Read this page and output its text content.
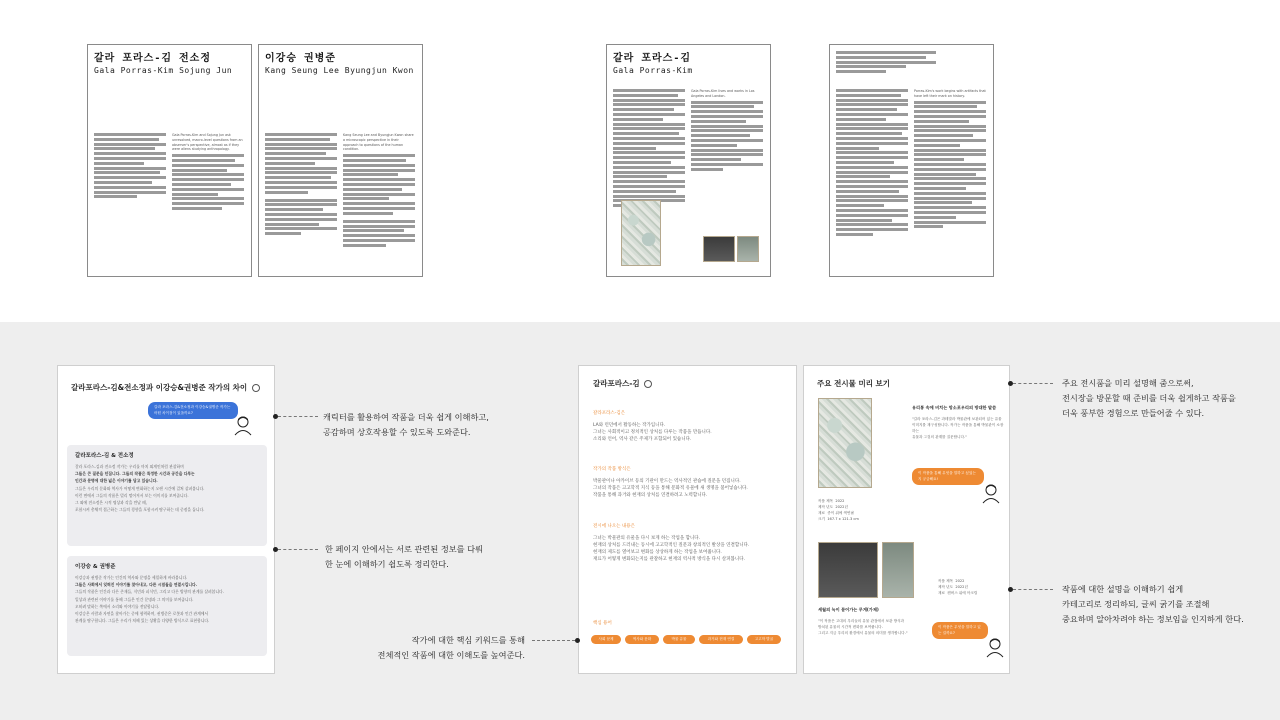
갈라 포라스-김 전소정
Gala Porras-Kim Sojung Jun
Gala Porras-Kim and Sojung Jun ask unresolved, macro-level questions from an observer's perspective, almost as if they were aliens studying anthropology.
이강승 권병준
Kang Seung Lee Byungjun Kwon
Kang Seung Lee and Byungjun Kwon share a microscopic perspective in their approach to questions of the human condition.
갈라 포라스-김
Gala Porras-Kim
Gala Porras-Kim lives and works in Los Angeles and London.
Porras-Kim's work begins with artifacts that have left their mark on history.
갈라포라스-김&전소정과 이강승&권병준 작가의 차이
갈라 포라스-김&전소정과 이강승&권병준 작가는 어떤 차이점이 있을까요?
갈라포라스-김 & 전소정

갈라 포라스-김과 전소정 작가는 우리를 마치 외계인처럼 관찰하며

그들은 큰 질문을 던집니다. 그들의 작품은 특정한 시간과 공간을 다루는

인간과 문명에 대한 넓은 이야기를 담고 있습니다.

그들은 우리의 문화와 역사가 어떻게 변화하는지 오랜 시간에 걸쳐 살펴봅니다.

이런 면에서 그들의 작품은 멀리 떨어져서 보는 이미지를 보여줍니다.

그 외에 전소정은 시적 명상과 각을 만날 때,

포함시켜 총체적 접근하는 그들의 경향을 포함시켜 탐구하는 데 중점을 둡니다.

이강승 & 권병준

이강승과 권병준 작가는 인간의 역사와 문명을 세밀하게 바라봅니다.

그들은 사회에서 잊혀진 이야기를 찾아내고, 다른 시점들을 연결시킵니다.

그들의 작품은 인간과 다른 존재들, 식민과 피식민, 그리고 다른 방향의 관계를 살펴봅니다.

일상과 관련된 이야기를 통해 그들은 인간 문명과 그 의미를 보여줍니다.

오히려 말하는 쪽에서 소리와 이야기를 전달합니다.

이강승은 사람과 자연을 찾아가는 중에 협력하며, 권병준은 로봇과 인간 관계에서

관계를 탐구합니다. 그들은 우리가 처해 있는 상황을 다양한 방식으로 표현합니다.

갈라포라스-김
갈라포라스-김은
LA와 런던에서 활동하는 작가입니다.
그녀는 사회적이고 정치적인 상처를 다루는 작품을 만듭니다.
소리와 언어, 역사 같은 주제가 포함되어 있습니다.
작가의 작품 방식은
박물관이나 아카이브 등의 기관이 만드는 역사적인 관습에 질문을 던집니다.
그녀의 작품은 고고학적 지식 등을 통해 문화적 유물에 새 생명을 불어넣습니다.
작품을 통해 과거와 현재의 상처를 연결하려고 노력합니다.
전시에 나오는 내용은
그녀는 박물관의 유물을 다시 보게 하는 작업을 합니다.
현재의 상처를 드러내는 동시에 고고학적인 질문과 창의적인 발상을 연결합니다.
현재의 제도를 열어보고 변화를 상상하게 하는 작업을 보여줍니다.
재료가 어떻게 변화되는지를 관찰하고 현재의 역사적 방식을 다시 살펴봅니다.
핵심 용어
사회 문제	역사와 문화	박물 유물	과거와 현재 연결	고고학 발굴
주요 전시물 미리 보기
유리통 속에 비치는 망소포우리의 방대한 말씀
"갈라 포라스-김은 과테말라 박물관에 보관되어 있는 유물
이미지를 재구성합니다. 작가는 작품을 통해 박물관이 소장하는
유물과 그것의 관계를 질문합니다."
이 작품을 통해 무엇을 말하고 싶었는지 궁금해요!
작품 제목 2022
제작 년도 2022년
재료 종이 위에 색연필
크기 167.7 x 121.3 cm
작품 제목 2022
제작 년도 2022년
재료 캔버스 위에 아크릴
세월의 녹이 묻어가는 무게(가제)
"이 작품은 고대의 우리들의 유물 관점에서 보관 방식과
방치된 유물의 시간적 변화를 보여줍니다.
그리고 지금 우리의 환경에서 유물의 의미를 생각합니다."
이 작품은 무엇을 말하고 있는 걸까요?
캐릭터를 활용하여 작품을 더욱 쉽게 이해하고,
공감하며 상호작용할 수 있도록 도와준다.
한 페이지 안에서는 서로 관련된 정보를 다뤄
한 눈에 이해하기 쉽도록 정리한다.
작가에 대한 핵심 키워드를 통해
전체적인 작품에 대한 이해도를 높여준다.
주요 전시품을 미리 설명해 줌으로써,
전시장을 방문할 때 준비를 더욱 쉽게하고 작품을
더욱 풍부한 경험으로 만들어줄 수 있다.
작품에 대한 설명을 이해하기 쉽게
카테고리로 정리하되, 글씨 굵기를 조절해
중요하며 알아차려야 하는 정보임을 인지하게 한다.
